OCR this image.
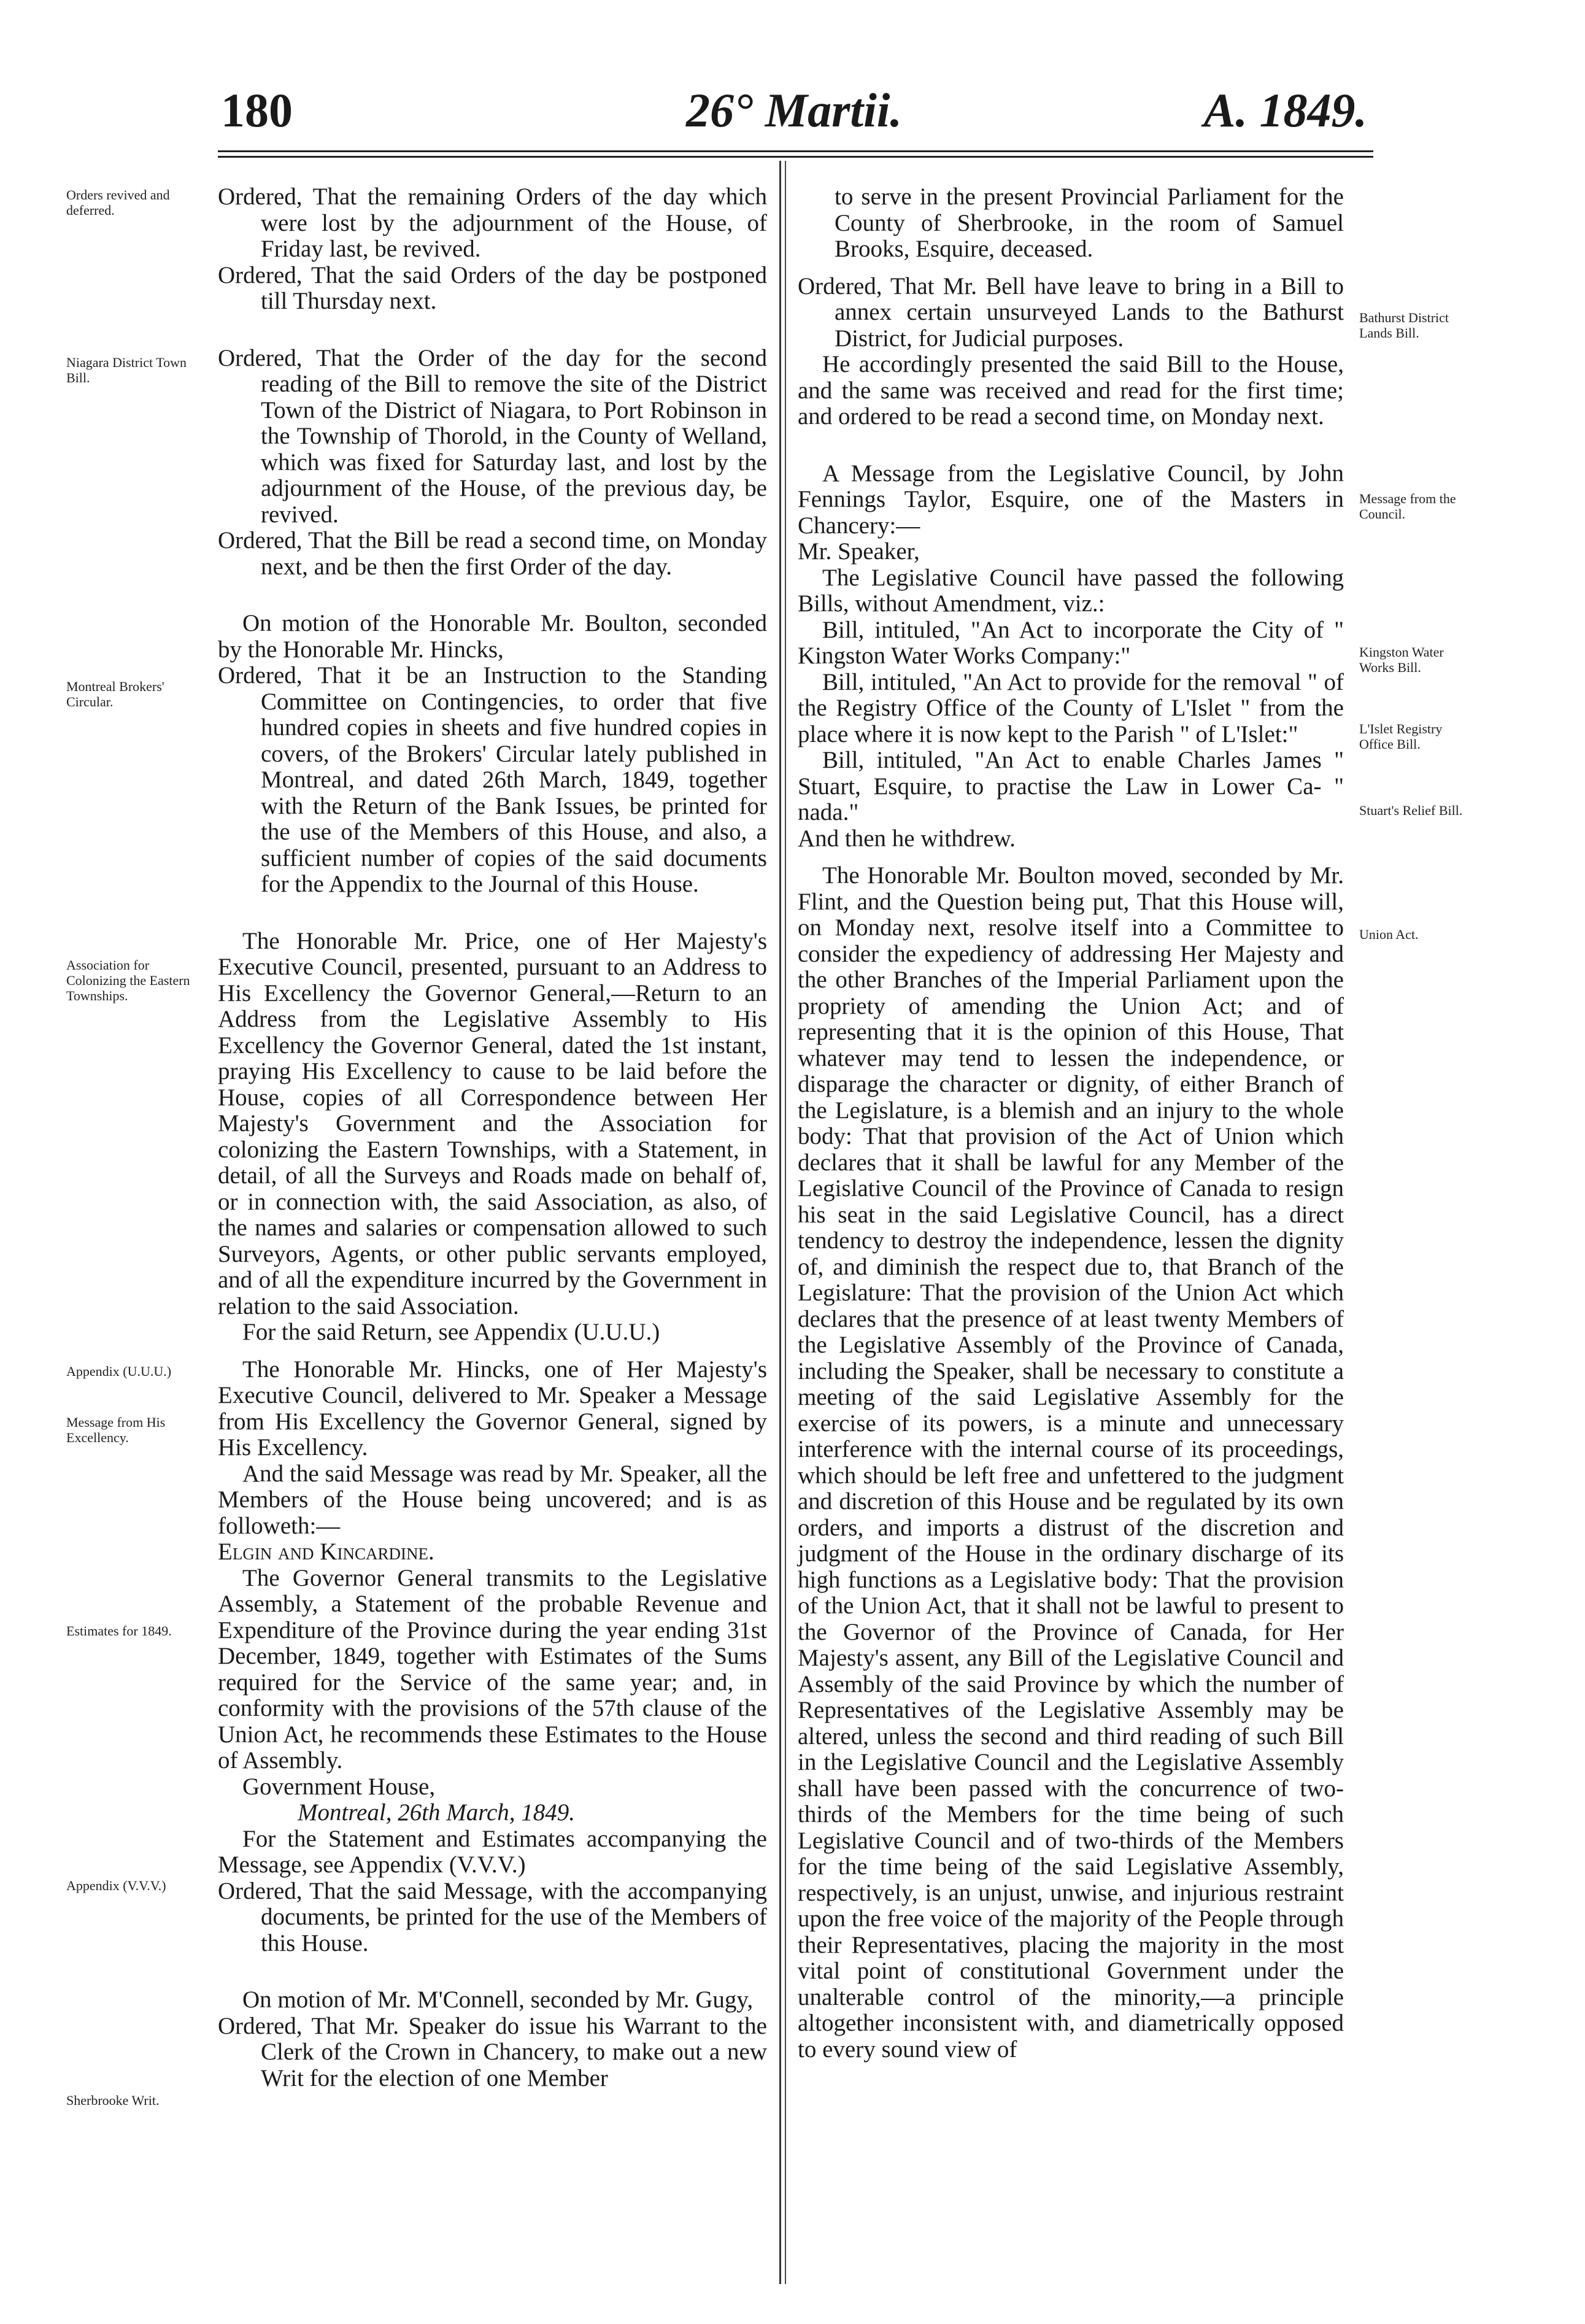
180	26° Martii.	A. 1849.
Orders revived and deferred.
Niagara District Town Bill.
Montreal Brokers' Circular.
Association for Colonizing the Eastern Townships.
Appendix (U.U.U.)
Message from His Excellency.
Estimates for 1849.
Appendix (V.V.V.)
Sherbrooke Writ.
Bathurst District Lands Bill.
Message from the Council.
Kingston Water Works Bill.
L'Islet Registry Office Bill.
Stuart's Relief Bill.
Union Act.

Ordered, That the remaining Orders of the day which were lost by the adjournment of the House, of Friday last, be revived.

Ordered, That the said Orders of the day be postponed till Thursday next.

Ordered, That the Order of the day for the second reading of the Bill to remove the site of the District Town of the District of Niagara, to Port Robinson in the Township of Thorold, in the County of Welland, which was fixed for Saturday last, and lost by the adjournment of the House, of the previous day, be revived.

Ordered, That the Bill be read a second time, on Monday next, and be then the first Order of the day.

On motion of the Honorable Mr. Boulton, seconded by the Honorable Mr. Hincks,

Ordered, That it be an Instruction to the Standing Committee on Contingencies, to order that five hundred copies in sheets and five hundred copies in covers, of the Brokers' Circular lately published in Montreal, and dated 26th March, 1849, together with the Return of the Bank Issues, be printed for the use of the Members of this House, and also, a sufficient number of copies of the said documents for the Appendix to the Journal of this House.

The Honorable Mr. Price, one of Her Majesty's Executive Council, presented, pursuant to an Address to His Excellency the Governor General,—Return to an Address from the Legislative Assembly to His Excellency the Governor General, dated the 1st instant, praying His Excellency to cause to be laid before the House, copies of all Correspondence between Her Majesty's Government and the Association for colonizing the Eastern Townships, with a Statement, in detail, of all the Surveys and Roads made on behalf of, or in connection with, the said Association, as also, of the names and salaries or compensation allowed to such Surveyors, Agents, or other public servants employed, and of all the expenditure incurred by the Government in relation to the said Association.

For the said Return, see Appendix (U.U.U.)

The Honorable Mr. Hincks, one of Her Majesty's Executive Council, delivered to Mr. Speaker a Message from His Excellency the Governor General, signed by His Excellency.

And the said Message was read by Mr. Speaker, all the Members of the House being uncovered; and is as followeth:—

Elgin and Kincardine.

The Governor General transmits to the Legislative Assembly, a Statement of the probable Revenue and Expenditure of the Province during the year ending 31st December, 1849, together with Estimates of the Sums required for the Service of the same year; and, in conformity with the provisions of the 57th clause of the Union Act, he recommends these Estimates to the House of Assembly.

Government House,

Montreal, 26th March, 1849.

For the Statement and Estimates accompanying the Message, see Appendix (V.V.V.)

Ordered, That the said Message, with the accompanying documents, be printed for the use of the Members of this House.

On motion of Mr. M'Connell, seconded by Mr. Gugy,

Ordered, That Mr. Speaker do issue his Warrant to the Clerk of the Crown in Chancery, to make out a new Writ for the election of one Member

to serve in the present Provincial Parliament for the County of Sherbrooke, in the room of Samuel Brooks, Esquire, deceased.

Ordered, That Mr. Bell have leave to bring in a Bill to annex certain unsurveyed Lands to the Bathurst District, for Judicial purposes.

He accordingly presented the said Bill to the House, and the same was received and read for the first time; and ordered to be read a second time, on Monday next.

A Message from the Legislative Council, by John Fennings Taylor, Esquire, one of the Masters in Chancery:—

Mr. Speaker,

The Legislative Council have passed the following Bills, without Amendment, viz.:

Bill, intituled, "An Act to incorporate the City of " Kingston Water Works Company:"

Bill, intituled, "An Act to provide for the removal " of the Registry Office of the County of L'Islet " from the place where it is now kept to the Parish " of L'Islet:"

Bill, intituled, "An Act to enable Charles James " Stuart, Esquire, to practise the Law in Lower Ca- " nada."

And then he withdrew.

The Honorable Mr. Boulton moved, seconded by Mr. Flint, and the Question being put, That this House will, on Monday next, resolve itself into a Committee to consider the expediency of addressing Her Majesty and the other Branches of the Imperial Parliament upon the propriety of amending the Union Act; and of representing that it is the opinion of this House, That whatever may tend to lessen the independence, or disparage the character or dignity, of either Branch of the Legislature, is a blemish and an injury to the whole body: That that provision of the Act of Union which declares that it shall be lawful for any Member of the Legislative Council of the Province of Canada to resign his seat in the said Legislative Council, has a direct tendency to destroy the independence, lessen the dignity of, and diminish the respect due to, that Branch of the Legislature: That the provision of the Union Act which declares that the presence of at least twenty Members of the Legislative Assembly of the Province of Canada, including the Speaker, shall be necessary to constitute a meeting of the said Legislative Assembly for the exercise of its powers, is a minute and unnecessary interference with the internal course of its proceedings, which should be left free and unfettered to the judgment and discretion of this House and be regulated by its own orders, and imports a distrust of the discretion and judgment of the House in the ordinary discharge of its high functions as a Legislative body: That the provision of the Union Act, that it shall not be lawful to present to the Governor of the Province of Canada, for Her Majesty's assent, any Bill of the Legislative Council and Assembly of the said Province by which the number of Representatives of the Legislative Assembly may be altered, unless the second and third reading of such Bill in the Legislative Council and the Legislative Assembly shall have been passed with the concurrence of two-thirds of the Members for the time being of such Legislative Council and of two-thirds of the Members for the time being of the said Legislative Assembly, respectively, is an unjust, unwise, and injurious restraint upon the free voice of the majority of the People through their Representatives, placing the majority in the most vital point of constitutional Government under the unalterable control of the minority,—a principle altogether inconsistent with, and diametrically opposed to every sound view of
